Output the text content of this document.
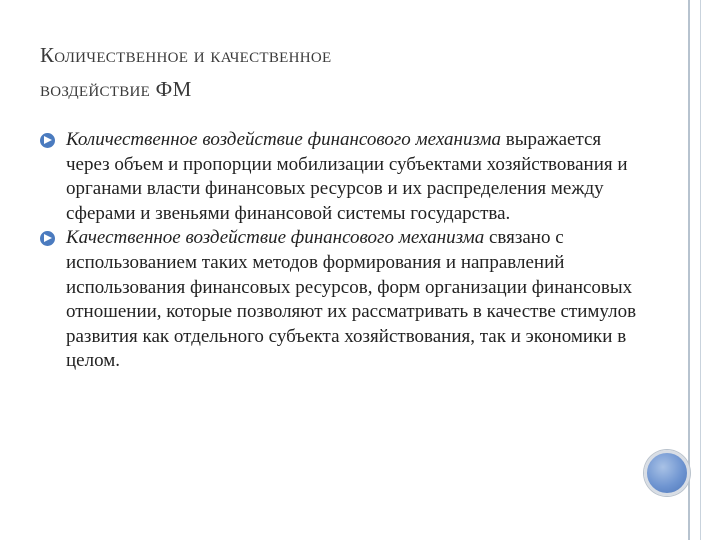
Количественное и качественное
воздействие ФМ
Количественное воздействие финансового механизма выражается через объем и пропорции мобилизации субъектами хозяйствования и органами власти финансовых ресурсов и их распределения между сферами и звеньями финансовой системы государства.
Качественное воздействие финансового механизма связано с использованием таких методов формирования и направлений использования финансовых ресурсов, форм организации финансовых отношении, которые позволяют их рассматривать в качестве стимулов развития как отдельного субъекта хозяйствования, так и экономики в целом.
